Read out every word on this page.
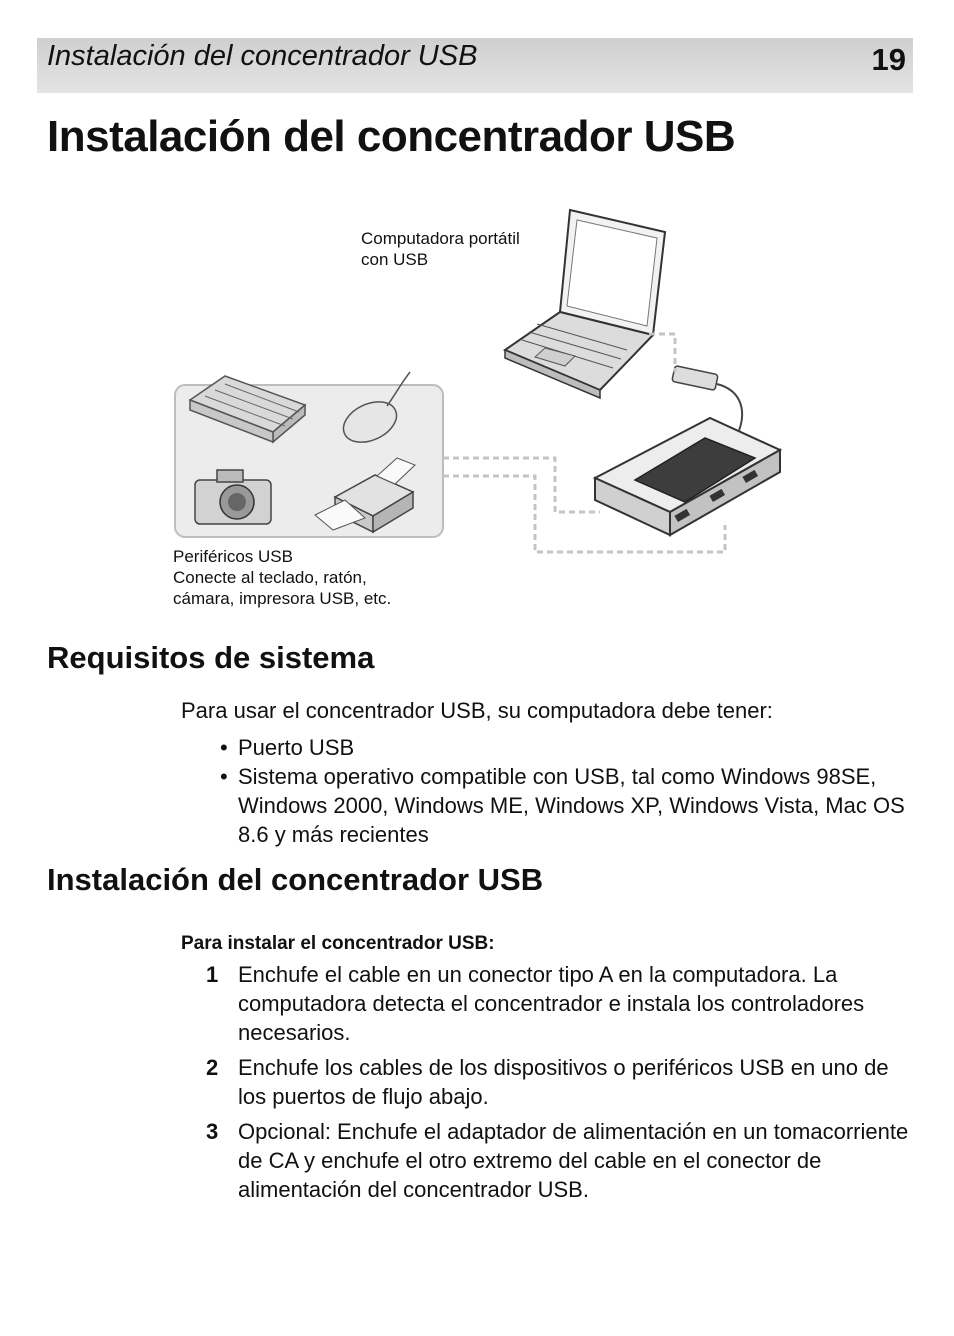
Instalación del concentrador USB	19
Instalación del concentrador USB
Computadora portátil
con USB
Periféricos USB
Conecte al teclado, ratón,
cámara, impresora USB, etc.
Requisitos de sistema
Para usar el concentrador USB, su computadora debe tener:
• Puerto USB
• Sistema operativo compatible con USB, tal como Windows 98SE, Windows 2000, Windows ME, Windows XP, Windows Vista, Mac OS 8.6 y más recientes
Instalación del concentrador USB
Para instalar el concentrador USB:
1 Enchufe el cable en un conector tipo A en la computadora. La computadora detecta el concentrador e instala los controladores necesarios.
2 Enchufe los cables de los dispositivos o periféricos USB en uno de los puertos de flujo abajo.
3 Opcional: Enchufe el adaptador de alimentación en un tomacorriente de CA y enchufe el otro extremo del cable en el conector de alimentación del concentrador USB.
